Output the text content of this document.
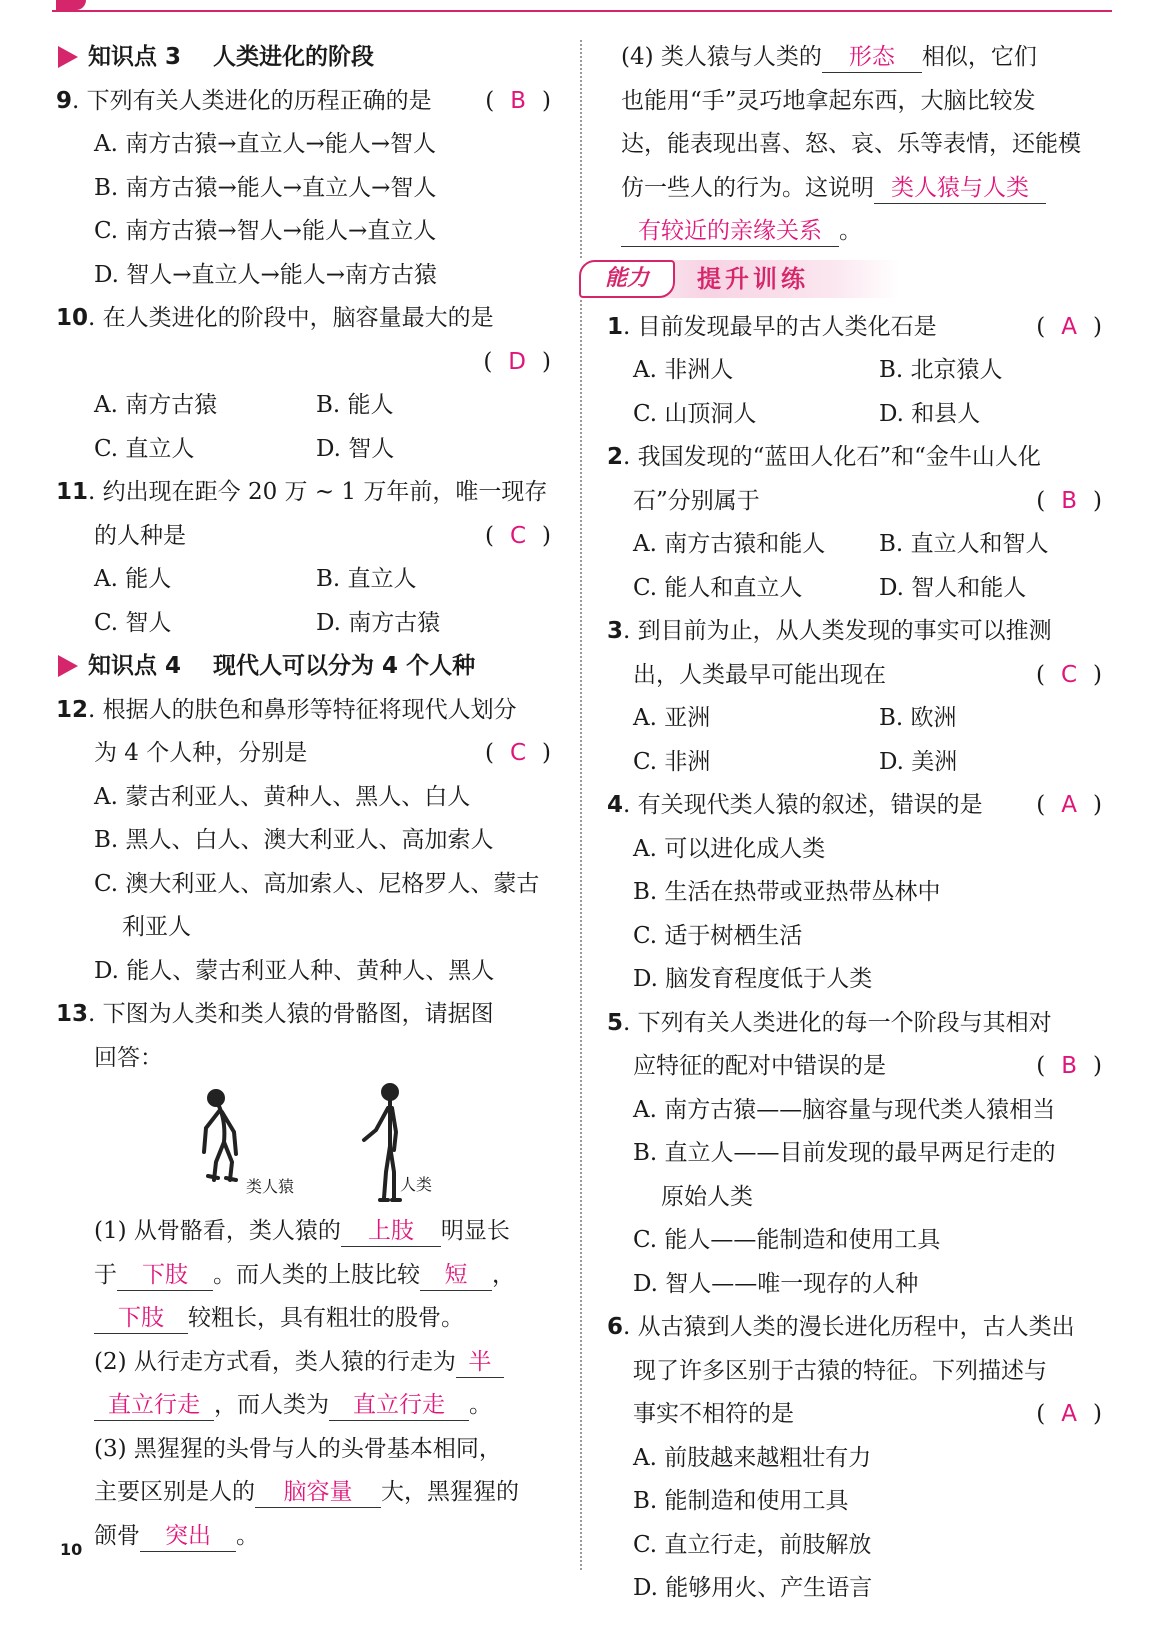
知识点 3 人类进化的阶段
9. 下列有关人类进化的历程正确的是 ( B )
A. 南方古猿→直立人→能人→智人
B. 南方古猿→能人→直立人→智人
C. 南方古猿→智人→能人→直立人
D. 智人→直立人→能人→南方古猿
10. 在人类进化的阶段中，脑容量最大的是
( D )
A. 南方古猿	B. 能人
C. 直立人	D. 智人
11. 约出现在距今 20 万 ~ 1 万年前，唯一现存
的人种是	( C )
A. 能人	B. 直立人
C. 智人	D. 南方古猿
知识点 4 现代人可以分为 4 个人种
12. 根据人的肤色和鼻形等特征将现代人划分
为 4 个人种，分别是	( C )
A. 蒙古利亚人、黄种人、黑人、白人
B. 黑人、白人、澳大利亚人、高加索人
C. 澳大利亚人、高加索人、尼格罗人、蒙古
利亚人
D. 能人、蒙古利亚人种、黄种人、黑人
13. 下图为人类和类人猿的骨骼图，请据图
回答：
类人猿	人类
(1) 从骨骼看，类人猿的 上肢 明显长
于 下肢 。而人类的上肢比较 短 ，
下肢 较粗长，具有粗壮的股骨。
(2) 从行走方式看，类人猿的行走为 半
直立行走 ，而人类为 直立行走 。
(3) 黑猩猩的头骨与人的头骨基本相同，
主要区别是人的 脑容量 大，黑猩猩的
颌骨 突出 。
(4) 类人猿与人类的 形态 相似，它们
也能用“手”灵巧地拿起东西，大脑比较发
达，能表现出喜、怒、哀、乐等表情，还能模
仿一些人的行为。这说明 类人猿与人类
有较近的亲缘关系 。
能力	提升训练
1. 目前发现最早的古人类化石是	( A )
A. 非洲人	B. 北京猿人
C. 山顶洞人	D. 和县人
2. 我国发现的“蓝田人化石”和“金牛山人化
石”分别属于	( B )
A. 南方古猿和能人 B. 直立人和智人
C. 能人和直立人	D. 智人和能人
3. 到目前为止，从人类发现的事实可以推测
出，人类最早可能出现在	( C )
A. 亚洲	B. 欧洲
C. 非洲	D. 美洲
4. 有关现代类人猿的叙述，错误的是 ( A )
A. 可以进化成人类
B. 生活在热带或亚热带丛林中
C. 适于树栖生活
D. 脑发育程度低于人类
5. 下列有关人类进化的每一个阶段与其相对
应特征的配对中错误的是	( B )
A. 南方古猿——脑容量与现代类人猿相当
B. 直立人——目前发现的最早两足行走的
原始人类
C. 能人——能制造和使用工具
D. 智人——唯一现存的人种
6. 从古猿到人类的漫长进化历程中，古人类出
现了许多区别于古猿的特征。下列描述与
事实不相符的是	( A )
A. 前肢越来越粗壮有力
B. 能制造和使用工具
C. 直立行走，前肢解放
D. 能够用火、产生语言
10
